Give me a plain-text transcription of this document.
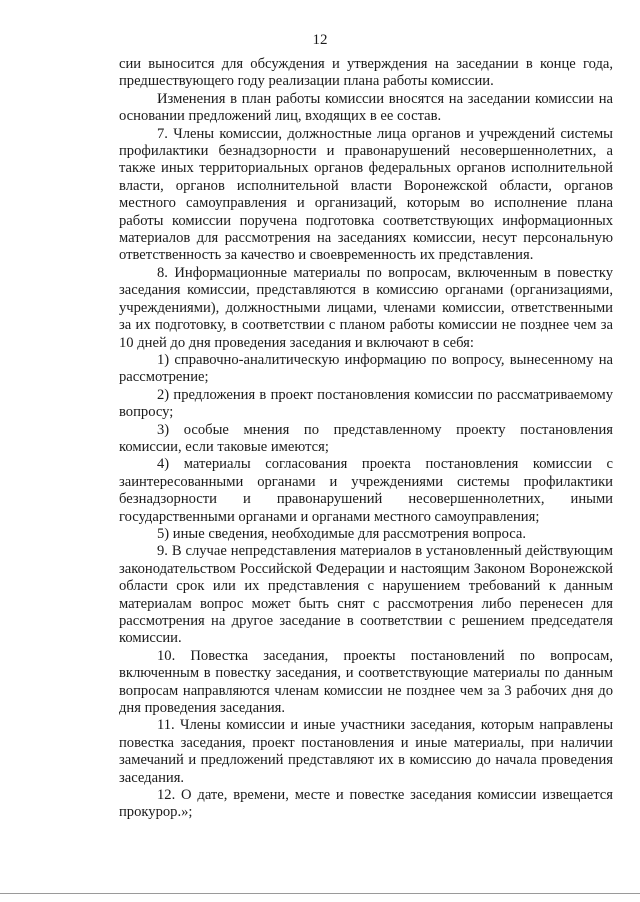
12

сии выносится для обсуждения и утверждения на заседании в конце года, предшествующего году реализации плана работы комиссии.

Изменения в план работы комиссии вносятся на заседании комиссии на основании предложений лиц, входящих в ее состав.

7. Члены комиссии, должностные лица органов и учреждений системы профилактики безнадзорности и правонарушений несовершеннолетних, а также иных территориальных органов федеральных органов исполнительной власти, органов исполнительной власти Воронежской области, органов местного самоуправления и организаций, которым во исполнение плана работы комиссии поручена подготовка соответствующих информационных материалов для рассмотрения на заседаниях комиссии, несут персональную ответственность за качество и своевременность их представления.

8. Информационные материалы по вопросам, включенным в повестку заседания комиссии, представляются в комиссию органами (организациями, учреждениями), должностными лицами, членами комиссии, ответственными за их подготовку, в соответствии с планом работы комиссии не позднее чем за 10 дней до дня проведения заседания и включают в себя:

1) справочно-аналитическую информацию по вопросу, вынесенному на рассмотрение;

2) предложения в проект постановления комиссии по рассматриваемому вопросу;

3) особые мнения по представленному проекту постановления комиссии, если таковые имеются;

4) материалы согласования проекта постановления комиссии с заинтересованными органами и учреждениями системы профилактики безнадзорности и правонарушений несовершеннолетних, иными государственными органами и органами местного самоуправления;

5) иные сведения, необходимые для рассмотрения вопроса.

9. В случае непредставления материалов в установленный действующим законодательством Российской Федерации и настоящим Законом Воронежской области срок или их представления с нарушением требований к данным материалам вопрос может быть снят с рассмотрения либо перенесен для рассмотрения на другое заседание в соответствии с решением председателя комиссии.

10. Повестка заседания, проекты постановлений по вопросам, включенным в повестку заседания, и соответствующие материалы по данным вопросам направляются членам комиссии не позднее чем за 3 рабочих дня до дня проведения заседания.

11. Члены комиссии и иные участники заседания, которым направлены повестка заседания, проект постановления и иные материалы, при наличии замечаний и предложений представляют их в комиссию до начала проведения заседания.

12. О дате, времени, месте и повестке заседания комиссии извещается прокурор.»;
